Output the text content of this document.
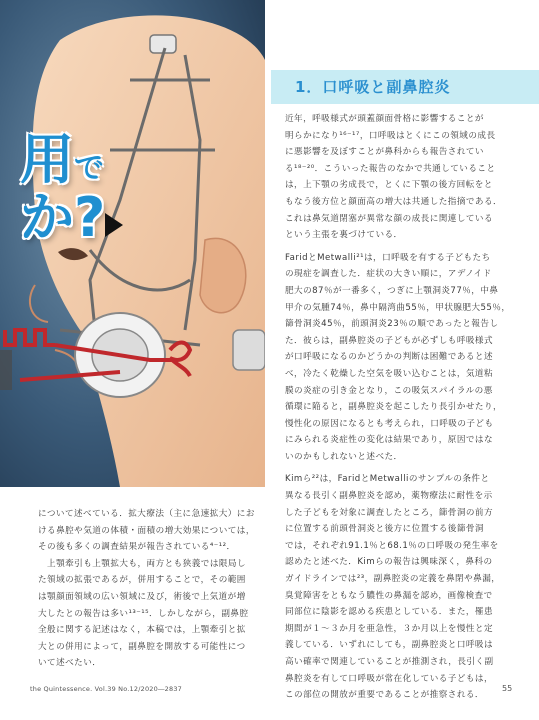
用で
か?
1．口呼吸と副鼻腔炎

近年，呼吸様式が頭蓋顔面骨格に影響することが

明らかになり¹⁶⁻¹⁷，口呼吸はとくにこの領域の成長

に悪影響を及ぼすことが鼻科からも報告されてい

る¹⁸⁻²⁰．こういった報告のなかで共通していること

は，上下顎の劣成長で，とくに下顎の後方回転をと

もなう後方位と顔面高の増大は共通した指摘である．

これは鼻気道閉塞が異常な顔の成長に関連している

という主張を裏づけている．

FaridとMetwalli²¹は，口呼吸を有する子どもたち

の現症を調査した．症状の大きい順に，アデノイド

肥大の87％が一番多く，つぎに上顎洞炎77％，中鼻

甲介の気腫74％，鼻中隔湾曲55％，甲状腺肥大55％，

篩骨洞炎45％，前頭洞炎23％の順であったと報告し

た．彼らは，副鼻腔炎の子どもが必ずしも呼吸様式

が口呼吸になるのかどうかの判断は困難であると述

べ，冷たく乾燥した空気を吸い込むことは，気道粘

膜の炎症の引き金となり，この吸気スパイラルの悪

循環に陥ると，副鼻腔炎を起こしたり長引かせたり，

慢性化の原因になるとも考えられ，口呼吸の子ども

にみられる炎症性の変化は結果であり，原因ではな

いのかもしれないと述べた．

Kimら²²は，FaridとMetwalliのサンプルの条件と

異なる長引く副鼻腔炎を認め，薬物療法に耐性を示

した子どもを対象に調査したところ，篩骨洞の前方

に位置する前頭骨洞炎と後方に位置する後篩骨洞

では，それぞれ91.1％と68.1％の口呼吸の発生率を

認めたと述べた．Kimらの報告は興味深く，鼻科の

ガイドラインでは²³，副鼻腔炎の定義を鼻閉や鼻漏，

臭覚障害をともなう膿性の鼻漏を認め，画像検査で

同部位に陰影を認める疾患としている．また，罹患

期間が１～３か月を亜急性，３か月以上を慢性と定

義している．いずれにしても，副鼻腔炎と口呼吸は

高い確率で関連していることが推測され，長引く副

鼻腔炎を有して口呼吸が常在化している子どもは，

この部位の開放が重要であることが推察される．

について述べている．拡大療法（主に急速拡大）にお

ける鼻腔や気道の体積・面積の増大効果については，

その後も多くの調査結果が報告されている⁴⁻¹²．

　上顎牽引も上顎拡大も，両方とも狭義では限局し

た領域の拡張であるが，併用することで，その範囲

は顎顔面領域の広い領域に及び，術後で上気道が増

大したとの報告は多い¹³⁻¹⁵．しかしながら，副鼻腔

全般に関する記述はなく，本稿では，上顎牽引と拡

大との併用によって，副鼻腔を開放する可能性につ

いて述べたい．

the Quintessence. Vol.39 No.12/2020―2837	55
